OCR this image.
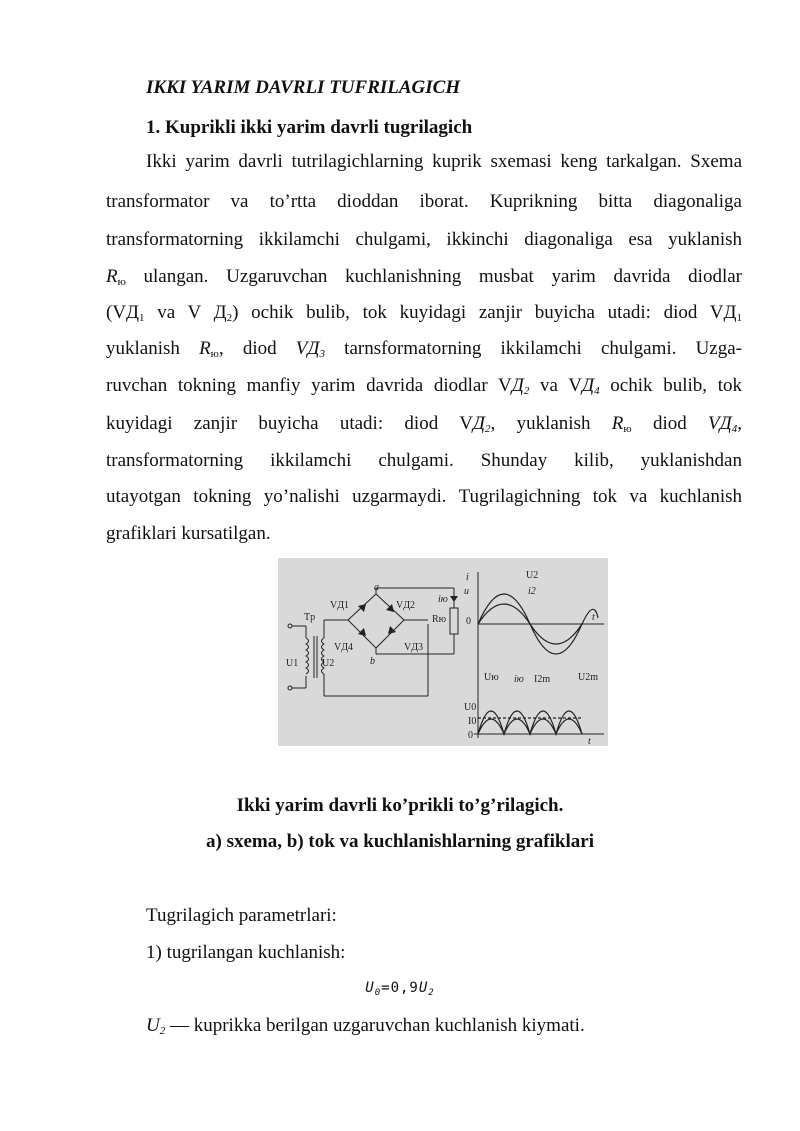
IKKI YARIM DAVRLI TUFRILAGICH
1. Kuprikli ikki yarim davrli tugrilagich
Ikki yarim davrli tutrilagichlarning kuprik sxemasi keng tarkalgan. Sxema
transformator va to’rtta dioddan iborat. Kuprikning bitta diagonaliga
transformatorning ikkilamchi chulgami, ikkinchi diagonaliga esa yuklanish
$R_ю$ ulangan. Uzgaruvchan kuchlanishning musbat yarim davrida diodlar
($VД_1$ va V $Д_2$) ochik bulib, tok kuyidagi zanjir buyicha utadi: diod $VД_1$
yuklanish $R_ю$, diod $VД_3$ tarnsformatorning ikkilamchi chulgami. Uzga-
ruvchan tokning manfiy yarim davrida diodlar $VД_2$ va $VД_4$ ochik bulib, tok
kuyidagi zanjir buyicha utadi: diod $VД_2$, yuklanish $R_ю$ diod $VД_4$,
transformatorning ikkilamchi chulgami. Shunday kilib, yuklanishdan
utayotgan tokning yo’nalishi uzgarmaydi. Tugrilagichning tok va kuchlanish
grafiklari kursatilgan.
VД1	VД2
VД3
VД4
Tp
U1 U2
a
b
Rю
iю
i
u
0	t
U2
i2
Uю iю I2m	U2m
U0
I0
0
t
Ikki yarim davrli ko’prikli to’g’rilagich.
a) sxema, b) tok va kuchlanishlarning grafiklari
Tugrilagich parametrlari:
1) tugrilangan kuchlanish:
$U_0=0,9U_2$
$U_2$ — kuprikka berilgan uzgaruvchan kuchlanish kiymati.
